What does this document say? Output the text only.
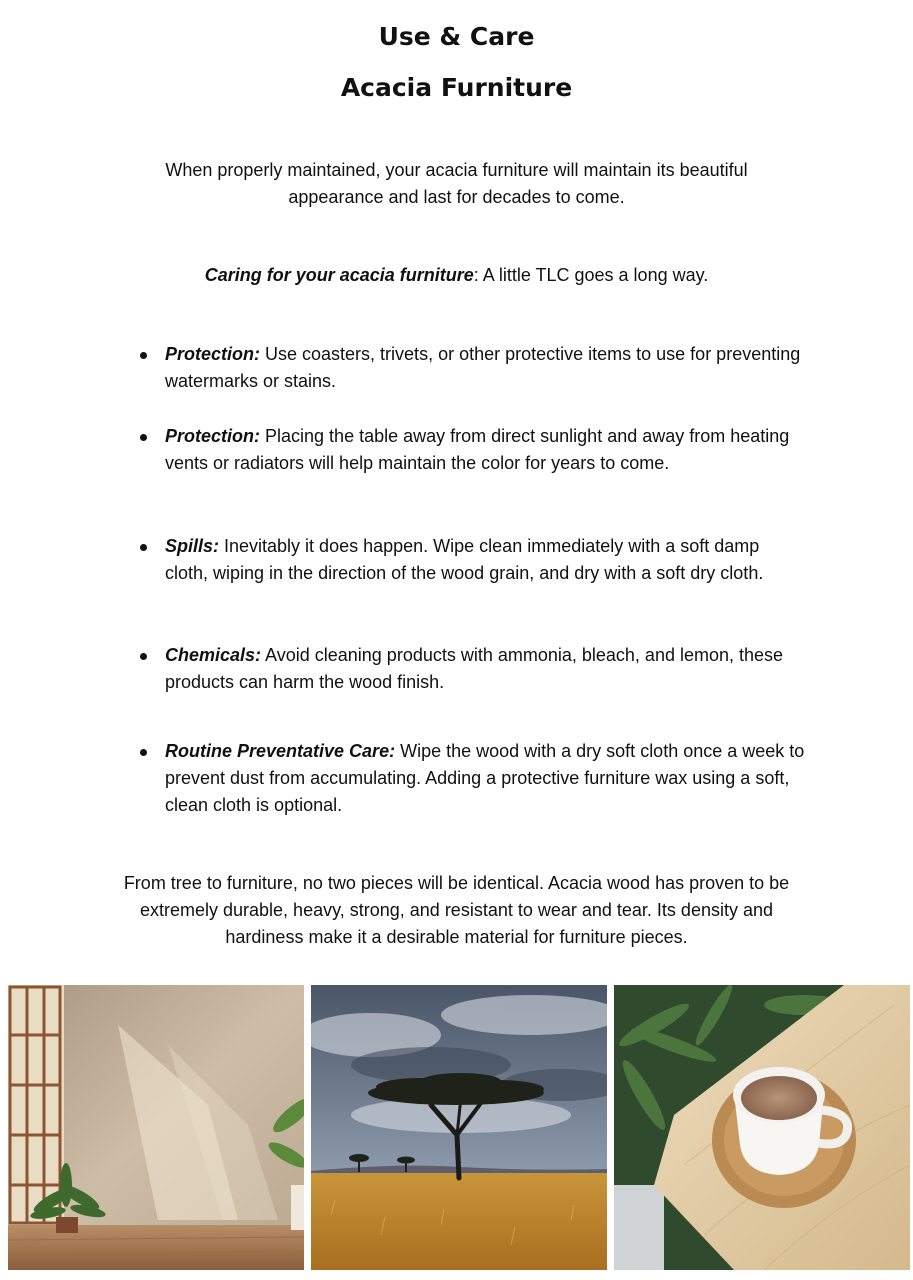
Use & Care
Acacia Furniture

When properly maintained, your acacia furniture will maintain its beautiful appearance and last for decades to come.

Caring for your acacia furniture: A little TLC goes a long way.

Protection: Use coasters, trivets, or other protective items to use for preventing watermarks or stains.

Protection: Placing the table away from direct sunlight and away from heating vents or radiators will help maintain the color for years to come.

Spills: Inevitably it does happen. Wipe clean immediately with a soft damp cloth, wiping in the direction of the wood grain, and dry with a soft dry cloth.

Chemicals: Avoid cleaning products with ammonia, bleach, and lemon, these products can harm the wood finish.

Routine Preventative Care: Wipe the wood with a dry soft cloth once a week to prevent dust from accumulating. Adding a protective furniture wax using a soft, clean cloth is optional.

From tree to furniture, no two pieces will be identical. Acacia wood has proven to be extremely durable, heavy, strong, and resistant to wear and tear. Its density and hardiness make it a desirable material for furniture pieces.
